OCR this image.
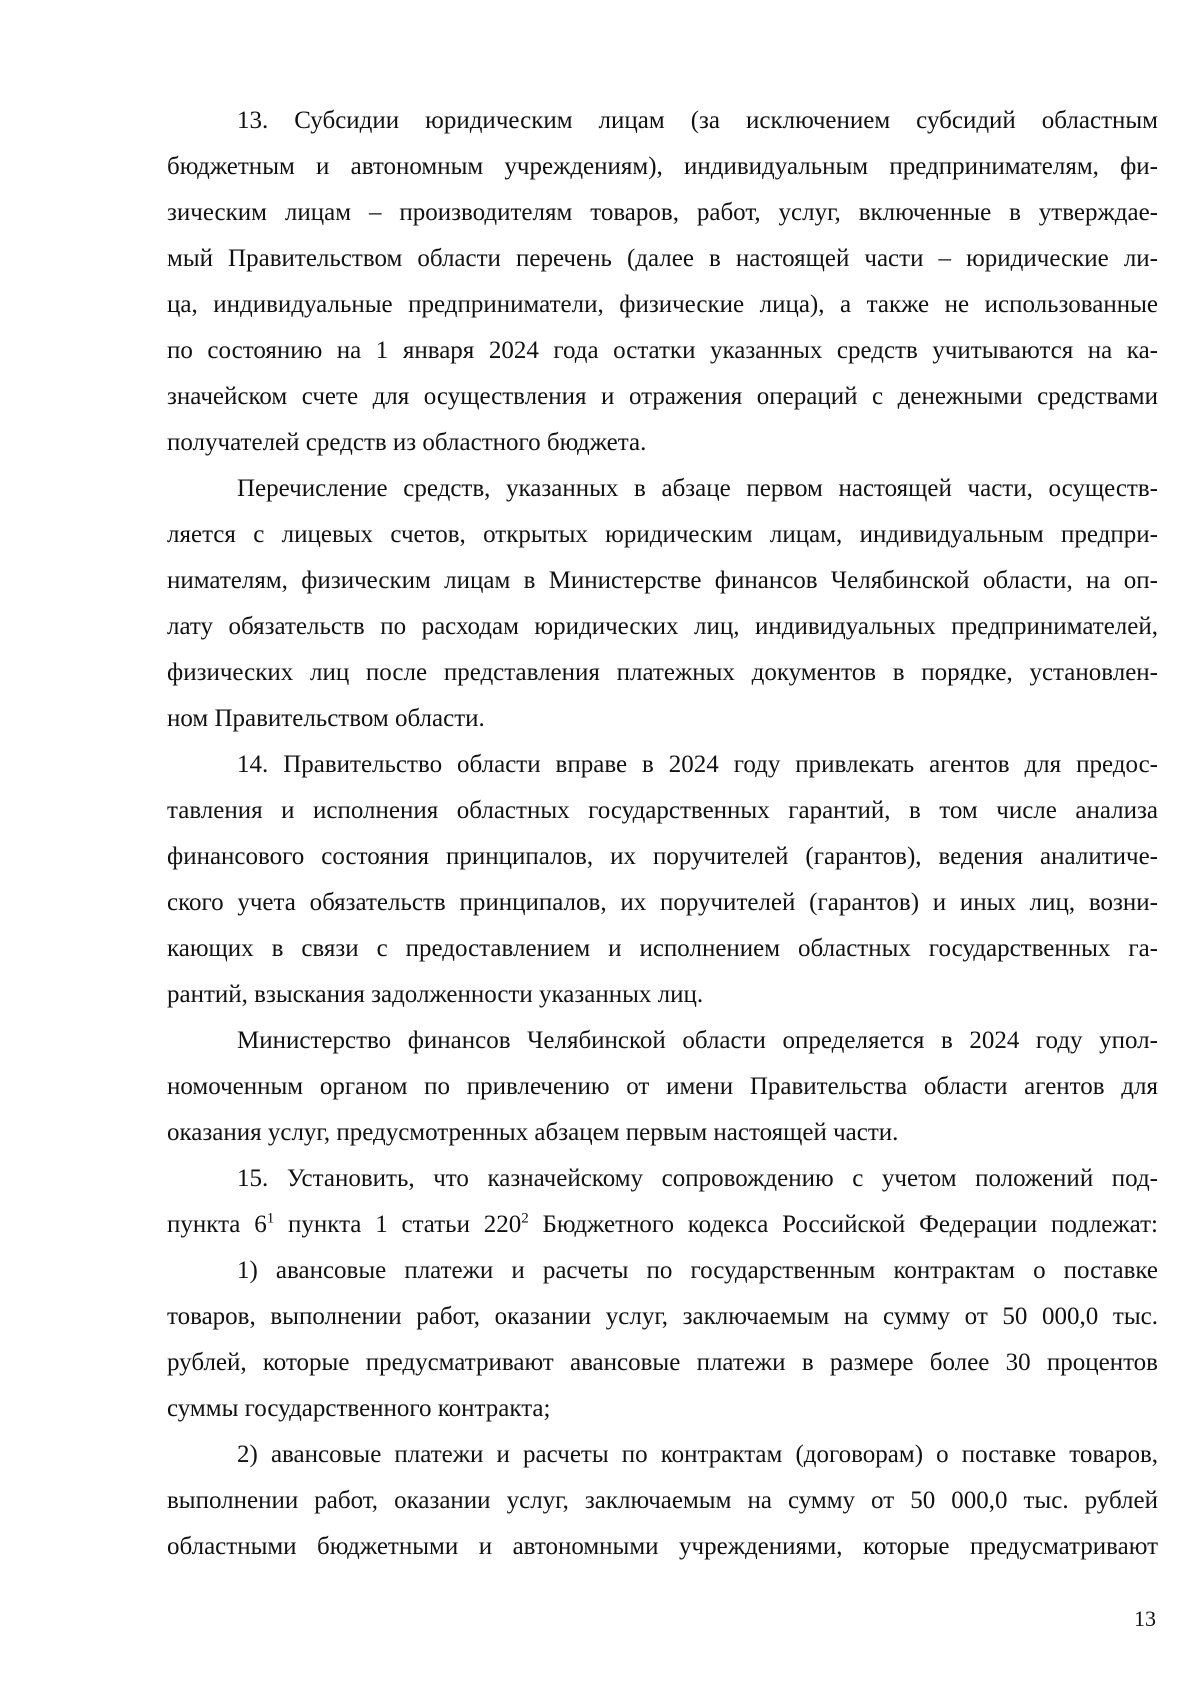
13. Субсидии юридическим лицам (за исключением субсидий областным
бюджетным и автономным учреждениям), индивидуальным предпринимателям, фи-
зическим лицам – производителям товаров, работ, услуг, включенные в утверждае-
мый Правительством области перечень (далее в настоящей части – юридические ли-
ца, индивидуальные предприниматели, физические лица), а также не использованные
по состоянию на 1 января 2024 года остатки указанных средств учитываются на ка-
значейском счете для осуществления и отражения операций с денежными средствами
получателей средств из областного бюджета.
Перечисление средств, указанных в абзаце первом настоящей части, осуществ-
ляется с лицевых счетов, открытых юридическим лицам, индивидуальным предпри-
нимателям, физическим лицам в Министерстве финансов Челябинской области, на оп-
лату обязательств по расходам юридических лиц, индивидуальных предпринимателей,
физических лиц после представления платежных документов в порядке, установлен-
ном Правительством области.
14. Правительство области вправе в 2024 году привлекать агентов для предос-
тавления и исполнения областных государственных гарантий, в том числе анализа
финансового состояния принципалов, их поручителей (гарантов), ведения аналитиче-
ского учета обязательств принципалов, их поручителей (гарантов) и иных лиц, возни-
кающих в связи с предоставлением и исполнением областных государственных га-
рантий, взыскания задолженности указанных лиц.
Министерство финансов Челябинской области определяется в 2024 году упол-
номоченным органом по привлечению от имени Правительства области агентов для
оказания услуг, предусмотренных абзацем первым настоящей части.
15. Установить, что казначейскому сопровождению с учетом положений под-
пункта $6^1$ пункта 1 статьи $220^2$ Бюджетного кодекса Российской Федерации подлежат:
1) авансовые платежи и расчеты по государственным контрактам о поставке
товаров, выполнении работ, оказании услуг, заключаемым на сумму от 50 000,0 тыс.
рублей, которые предусматривают авансовые платежи в размере более 30 процентов
суммы государственного контракта;
2) авансовые платежи и расчеты по контрактам (договорам) о поставке товаров,
выполнении работ, оказании услуг, заключаемым на сумму от 50 000,0 тыс. рублей
областными бюджетными и автономными учреждениями, которые предусматривают
13
